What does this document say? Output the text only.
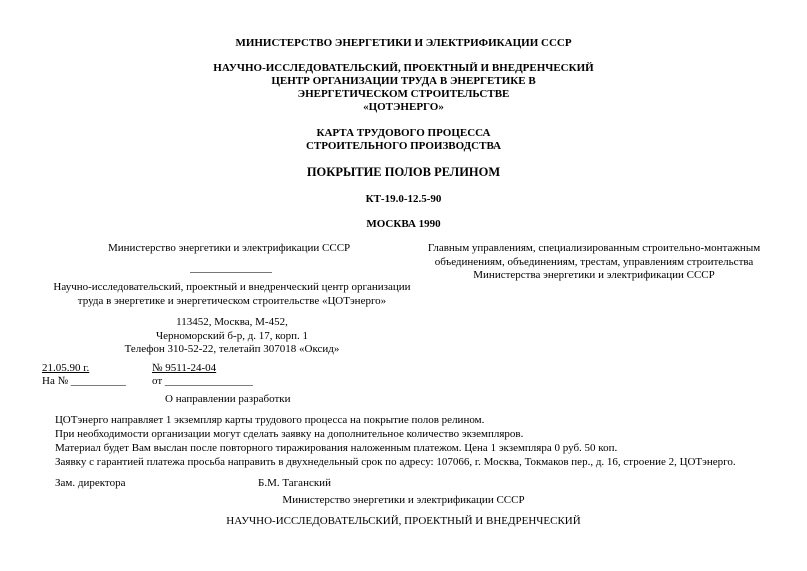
МИНИСТЕРСТВО ЭНЕРГЕТИКИ И ЭЛЕКТРИФИКАЦИИ СССР
НАУЧНО-ИССЛЕДОВАТЕЛЬСКИЙ, ПРОЕКТНЫЙ И ВНЕДРЕНЧЕСКИЙ
ЦЕНТР ОРГАНИЗАЦИИ ТРУДА В ЭНЕРГЕТИКЕ В
ЭНЕРГЕТИЧЕСКОМ СТРОИТЕЛЬСТВЕ
«ЦОТЭНЕРГО»
КАРТА ТРУДОВОГО ПРОЦЕССА
СТРОИТЕЛЬНОГО ПРОИЗВОДСТВА
ПОКРЫТИЕ ПОЛОВ РЕЛИНОМ
КТ-19.0-12.5-90
МОСКВА 1990
Министерство энергетики и электрификации СССР
Научно-исследовательский, проектный и внедренческий центр организации
труда в энергетике и энергетическом строительстве «ЦОТэнерго»
113452, Москва, М-452,
Черноморский б-р, д. 17, корп. 1
Телефон 310-52-22, телетайп 307018 «Оксид»
21.05.90 г.	№ 9511-24-04
На № __________ от ________________
Главным управлениям, специализированным строительно-монтажным
объединениям, объединениям, трестам, управлениям строительства
Министерства энергетики и электрификации СССР
О направлении разработки
ЦОТэнерго направляет 1 экземпляр карты трудового процесса на покрытие полов релином.
При необходимости организации могут сделать заявку на дополнительное количество экземпляров.
Материал будет Вам выслан после повторного тиражирования наложенным платежом. Цена 1 экземпляра 0 руб. 50 коп.
Заявку с гарантией платежа просьба направить в двухнедельный срок по адресу: 107066, г. Москва, Токмаков пер., д. 16, строение 2, ЦОТэнерго.
Зам. директора	Б.М. Таганский
Министерство энергетики и электрификации СССР
НАУЧНО-ИССЛЕДОВАТЕЛЬСКИЙ, ПРОЕКТНЫЙ И ВНЕДРЕНЧЕСКИЙ
